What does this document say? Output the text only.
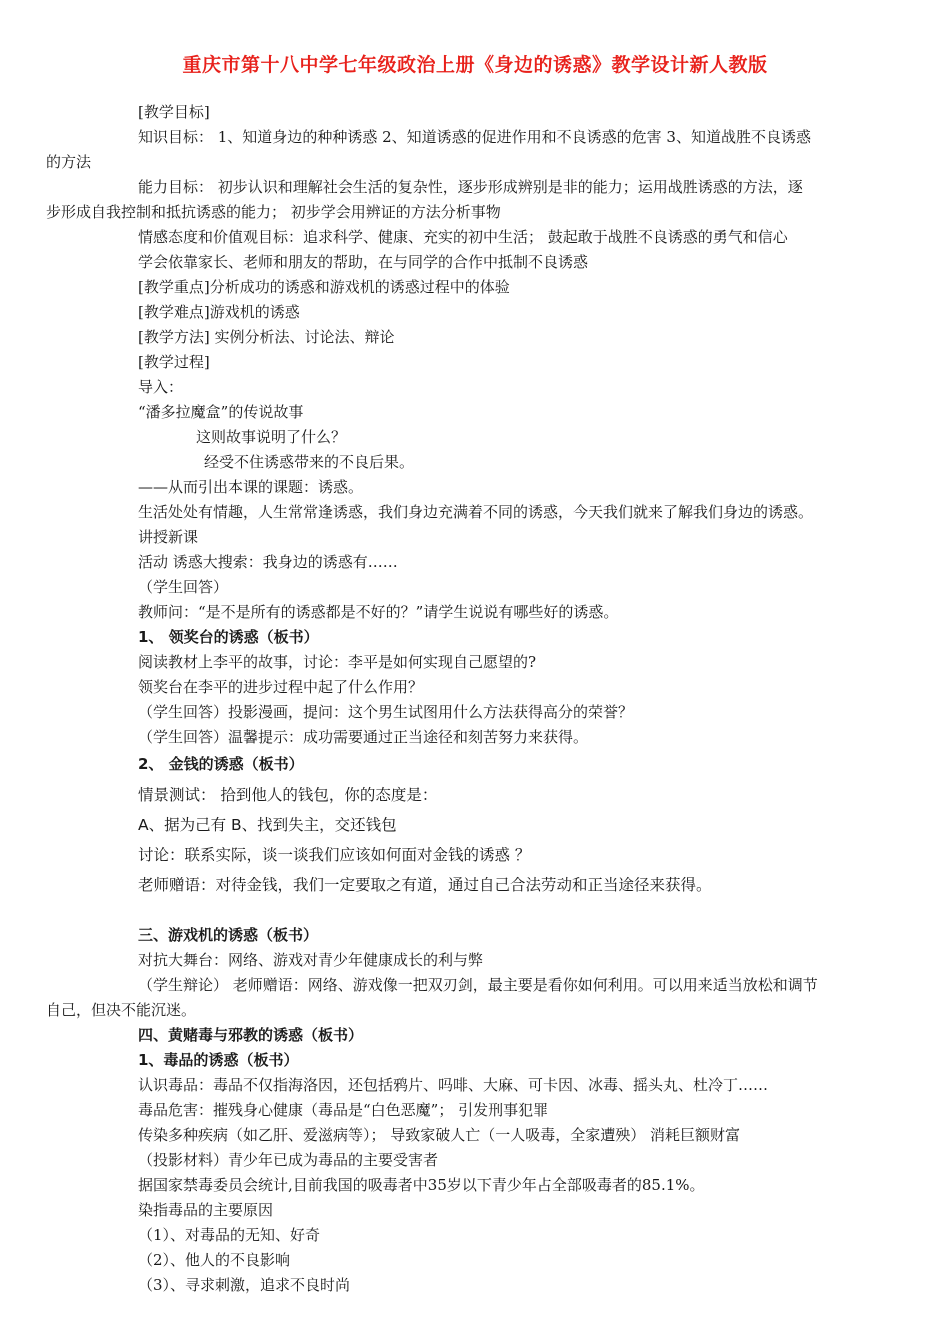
重庆市第十八中学七年级政治上册《身边的诱惑》教学设计新人教版
[教学目标]
知识目标： 1、知道身边的种种诱惑 2、知道诱惑的促进作用和不良诱惑的危害 3、知道战胜不良诱惑
的方法
能力目标： 初步认识和理解社会生活的复杂性，逐步形成辨别是非的能力；运用战胜诱惑的方法，逐
步形成自我控制和抵抗诱惑的能力； 初步学会用辨证的方法分析事物
情感态度和价值观目标：追求科学、健康、充实的初中生活； 鼓起敢于战胜不良诱惑的勇气和信心
学会依靠家长、老师和朋友的帮助，在与同学的合作中抵制不良诱惑
[教学重点]分析成功的诱惑和游戏机的诱惑过程中的体验
[教学难点]游戏机的诱惑
[教学方法] 实例分析法、讨论法、辩论
[教学过程]
导入：
“潘多拉魔盒”的传说故事
这则故事说明了什么？
经受不住诱惑带来的不良后果。
——从而引出本课的课题：诱惑。
生活处处有情趣，人生常常逢诱惑，我们身边充满着不同的诱惑，今天我们就来了解我们身边的诱惑。
讲授新课
活动 诱惑大搜索：我身边的诱惑有……
（学生回答）
教师问：“是不是所有的诱惑都是不好的？”请学生说说有哪些好的诱惑。
1、 领奖台的诱惑（板书）
阅读教材上李平的故事，讨论：李平是如何实现自己愿望的?
领奖台在李平的进步过程中起了什么作用？
（学生回答）投影漫画，提问：这个男生试图用什么方法获得高分的荣誉？
（学生回答）温馨提示：成功需要通过正当途径和刻苦努力来获得。
2、 金钱的诱惑（板书）
情景测试： 拾到他人的钱包，你的态度是：
A、据为己有 B、找到失主，交还钱包
讨论：联系实际，谈一谈我们应该如何面对金钱的诱惑 ？
老师赠语：对待金钱，我们一定要取之有道，通过自己合法劳动和正当途径来获得。
三、游戏机的诱惑（板书）
对抗大舞台：网络、游戏对青少年健康成长的利与弊
（学生辩论） 老师赠语：网络、游戏像一把双刃剑，最主要是看你如何利用。可以用来适当放松和调节
自己，但决不能沉迷。
四、黄赌毒与邪教的诱惑（板书）
1、毒品的诱惑（板书）
认识毒品：毒品不仅指海洛因，还包括鸦片、吗啡、大麻、可卡因、冰毒、摇头丸、杜冷丁……
毒品危害：摧残身心健康（毒品是“白色恶魔”； 引发刑事犯罪
传染多种疾病（如乙肝、爱滋病等）； 导致家破人亡（一人吸毒，全家遭殃） 消耗巨额财富
（投影材料）青少年已成为毒品的主要受害者
据国家禁毒委员会统计,目前我国的吸毒者中35岁以下青少年占全部吸毒者的85.1%。
染指毒品的主要原因
（1）、对毒品的无知、好奇
（2）、他人的不良影响
（3）、寻求刺激，追求不良时尚
